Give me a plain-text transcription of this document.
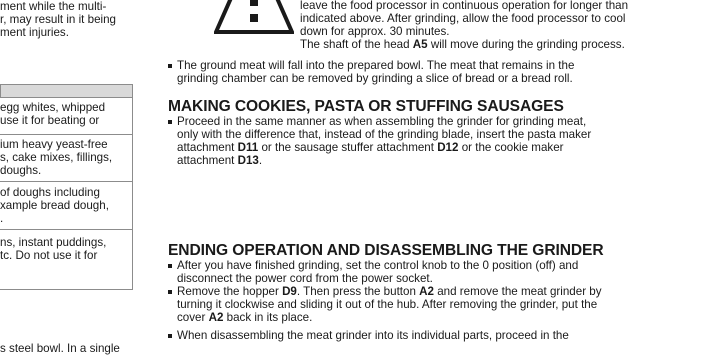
ment while the multi-
r, may result in it being
ment injuries.
egg whites, whipped
use it for beating or
ium heavy yeast-free
s, cake mixes, fillings,
doughs.
of doughs including
xample bread dough,
.
ns, instant puddings,
tc. Do not use it for
s steel bowl. In a single
leave the food processor in continuous operation for longer than
indicated above. After grinding, allow the food processor to cool
down for approx. 30 minutes.
The shaft of the head A5 will move during the grinding process.
The ground meat will fall into the prepared bowl. The meat that remains in the
grinding chamber can be removed by grinding a slice of bread or a bread roll.
MAKING COOKIES, PASTA OR STUFFING SAUSAGES
Proceed in the same manner as when assembling the grinder for grinding meat,
only with the difference that, instead of the grinding blade, insert the pasta maker
attachment D11 or the sausage stuffer attachment D12 or the cookie maker
attachment D13.
ENDING OPERATION AND DISASSEMBLING THE GRINDER
After you have finished grinding, set the control knob to the 0 position (off) and
disconnect the power cord from the power socket.
Remove the hopper D9. Then press the button A2 and remove the meat grinder by
turning it clockwise and sliding it out of the hub. After removing the grinder, put the
cover A2 back in its place.
When disassembling the meat grinder into its individual parts, proceed in the
